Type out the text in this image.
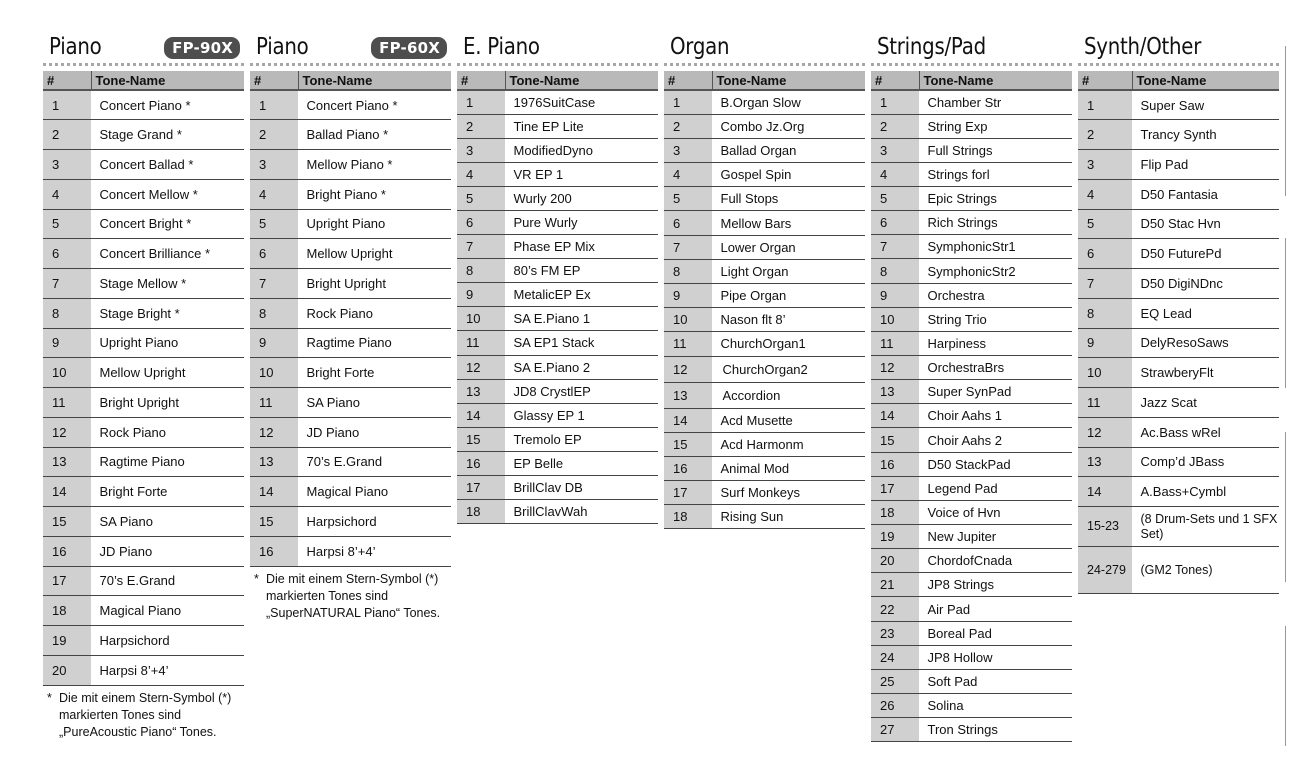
Piano	FP-90X
#	Tone-Name
1	Concert Piano *
2	Stage Grand *
3	Concert Ballad *
4	Concert Mellow *
5	Concert Bright *
6	Concert Brilliance *
7	Stage Mellow *
8	Stage Bright *
9	Upright Piano
10	Mellow Upright
11	Bright Upright
12	Rock Piano
13	Ragtime Piano
14	Bright Forte
15	SA Piano
16	JD Piano
17	70’s E.Grand
18	Magical Piano
19	Harpsichord
20	Harpsi 8’+4’
* Die mit einem Stern-Symbol (*) markierten Tones sind „PureAcoustic Piano“ Tones.
Piano	FP-60X
#	Tone-Name
1	Concert Piano *
2	Ballad Piano *
3	Mellow Piano *
4	Bright Piano *
5	Upright Piano
6	Mellow Upright
7	Bright Upright
8	Rock Piano
9	Ragtime Piano
10	Bright Forte
11	SA Piano
12	JD Piano
13	70’s E.Grand
14	Magical Piano
15	Harpsichord
16	Harpsi 8’+4’
* Die mit einem Stern-Symbol (*) markierten Tones sind „SuperNATURAL Piano“ Tones.
E. Piano
#	Tone-Name
1	1976SuitCase
2	Tine EP Lite
3	ModifiedDyno
4	VR EP 1
5	Wurly 200
6	Pure Wurly
7	Phase EP Mix
8	80’s FM EP
9	MetalicEP Ex
10	SA E.Piano 1
11	SA EP1 Stack
12	SA E.Piano 2
13	JD8 CrystlEP
14	Glassy EP 1
15	Tremolo EP
16	EP Belle
17	BrillClav DB
18	BrillClavWah
Organ
#	Tone-Name
1	B.Organ Slow
2	Combo Jz.Org
3	Ballad Organ
4	Gospel Spin
5	Full Stops
6	Mellow Bars
7	Lower Organ
8	Light Organ
9	Pipe Organ
10	Nason flt 8’
11	ChurchOrgan1
12	ChurchOrgan2
13	Accordion
14	Acd Musette
15	Acd Harmonm
16	Animal Mod
17	Surf Monkeys
18	Rising Sun
Strings/Pad
#	Tone-Name
1	Chamber Str
2	String Exp
3	Full Strings
4	Strings forl
5	Epic Strings
6	Rich Strings
7	SymphonicStr1
8	SymphonicStr2
9	Orchestra
10	String Trio
11	Harpiness
12	OrchestraBrs
13	Super SynPad
14	Choir Aahs 1
15	Choir Aahs 2
16	D50 StackPad
17	Legend Pad
18	Voice of Hvn
19	New Jupiter
20	ChordofCnada
21	JP8 Strings
22	Air Pad
23	Boreal Pad
24	JP8 Hollow
25	Soft Pad
26	Solina
27	Tron Strings
Synth/Other
#	Tone-Name
1	Super Saw
2	Trancy Synth
3	Flip Pad
4	D50 Fantasia
5	D50 Stac Hvn
6	D50 FuturePd
7	D50 DigiNDnc
8	EQ Lead
9	DelyResoSaws
10	StrawberyFlt
11	Jazz Scat
12	Ac.Bass wRel
13	Comp’d JBass
14	A.Bass+Cymbl
15-23	(8 Drum-Sets und 1 SFX Set)
24-279	(GM2 Tones)
